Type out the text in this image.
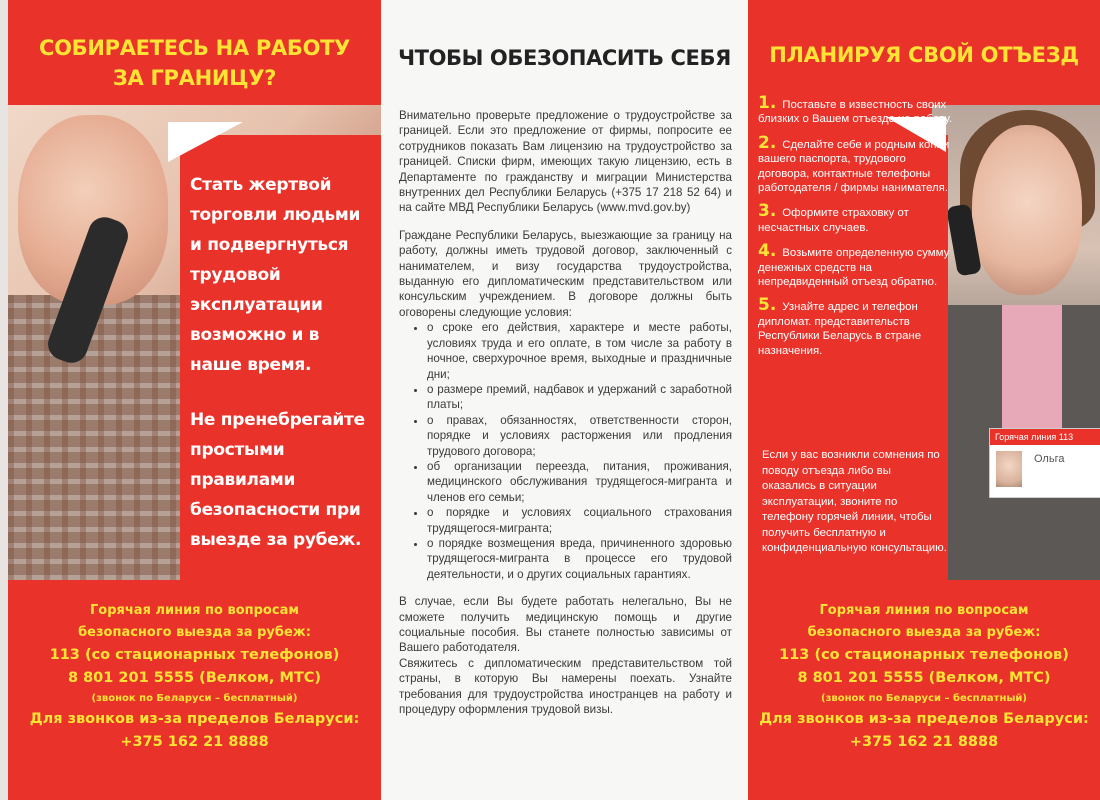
СОБИРАЕТЕСЬ НА РАБОТУ
ЗА ГРАНИЦУ?
Стать жертвой
торговли людьми
и подвергнуться
трудовой
эксплуатации
возможно и в
наше время.
Не пренебрегайте
простыми
правилами
безопасности при
выезде за рубеж.
Горячая линия по вопросам
безопасного выезда за рубеж:
113 (со стационарных телефонов)
8 801 201 5555 (Велком, МТС)
(звонок по Беларуси – бесплатный)
Для звонков из-за пределов Беларуси:
+375 162 21 8888
ЧТОБЫ ОБЕЗОПАСИТЬ СЕБЯ

Внимательно проверьте предложение о трудоустройстве за границей. Если это предложение от фирмы, попросите ее сотрудников показать Вам лицензию на трудоустройство за границей. Списки фирм, имеющих такую лицензию, есть в Департаменте по гражданству и миграции Министерства внутренних дел Республики Беларусь (+375 17 218 52 64) и на сайте МВД Республики Беларусь (www.mvd.gov.by)

Граждане Республики Беларусь, выезжающие за границу на работу, должны иметь трудовой договор, заключенный с нанимателем, и визу государства трудоустройства, выданную его дипломатическим представительством или консульским учреждением. В договоре должны быть оговорены следующие условия:

• о сроке его действия, характере и месте работы, условиях труда и его оплате, в том числе за работу в ночное, сверхурочное время, выходные и праздничные дни;
• о размере премий, надбавок и удержаний с заработной платы;
• о правах, обязанностях, ответственности сторон, порядке и условиях расторжения или продления трудового договора;
• об организации переезда, питания, проживания, медицинского обслуживания трудящегося-мигранта и членов его семьи;
• о порядке и условиях социального страхования трудящегося-мигранта;
• о порядке возмещения вреда, причиненного здоровью трудящегося-мигранта в процессе его трудовой деятельности, и о других социальных гарантиях.

В случае, если Вы будете работать нелегально, Вы не сможете получить медицинскую помощь и другие социальные пособия. Вы станете полностью зависимы от Вашего работодателя.

Свяжитесь с дипломатическим представительством той страны, в которую Вы намерены поехать. Узнайте требования для трудоустройства иностранцев на работу и процедуру оформления трудовой визы.

ПЛАНИРУЯ СВОЙ ОТЪЕЗД
Горячая линия 113
Ольга
1. Поставьте в известность своих близких о Вашем отъезде на работу.
2. Сделайте себе и родным копии вашего паспорта, трудового договора, контактные телефоны работодателя / фирмы нанимателя.
3. Оформите страховку от несчастных случаев.
4. Возьмите определенную сумму денежных средств на непредвиденный отъезд обратно.
5. Узнайте адрес и телефон дипломат. представительств Республики Беларусь в стране назначения.
Если у вас возникли сомнения по поводу отъезда либо вы оказались в ситуации эксплуатации, звоните по телефону горячей линии, чтобы получить бесплатную и конфиденциальную консультацию.
Горячая линия по вопросам
безопасного выезда за рубеж:
113 (со стационарных телефонов)
8 801 201 5555 (Велком, МТС)
(звонок по Беларуси – бесплатный)
Для звонков из-за пределов Беларуси:
+375 162 21 8888
